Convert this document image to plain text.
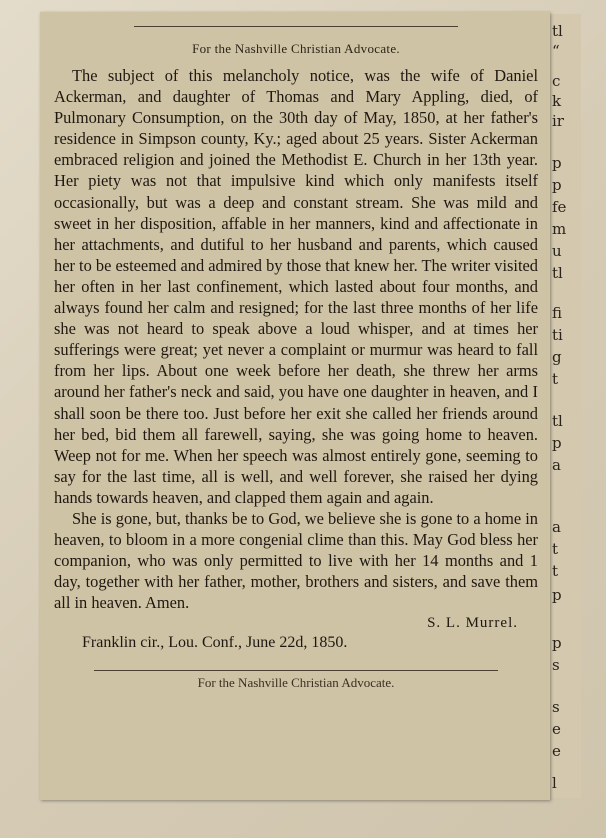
tl
“
c
k
ir
p
p
fe
m
u
tl
fi
ti
g
t
tl
p
a
a
t
t
p
p
s
s
e
e
l
For the Nashville Christian Advocate.

The subject of this melancholy notice, was the wife of Daniel Ackerman, and daughter of Thomas and Mary Appling, died, of Pulmonary Consumption, on the 30th day of May, 1850, at her father's residence in Simpson county, Ky.; aged about 25 years. Sister Ackerman embraced religion and joined the Methodist E. Church in her 13th year. Her piety was not that impulsive kind which only manifests itself occasionally, but was a deep and constant stream. She was mild and sweet in her disposition, affable in her manners, kind and affectionate in her attachments, and dutiful to her husband and parents, which caused her to be esteemed and admired by those that knew her. The writer visited her often in her last confinement, which lasted about four months, and always found her calm and resigned; for the last three months of her life she was not heard to speak above a loud whisper, and at times her sufferings were great; yet never a complaint or murmur was heard to fall from her lips. About one week before her death, she threw her arms around her father's neck and said, you have one daughter in heaven, and I shall soon be there too. Just before her exit she called her friends around her bed, bid them all farewell, saying, she was going home to heaven. Weep not for me. When her speech was almost entirely gone, seeming to say for the last time, all is well, and well forever, she raised her dying hands towards heaven, and clapped them again and again.

She is gone, but, thanks be to God, we believe she is gone to a home in heaven, to bloom in a more congenial clime than this. May God bless her companion, who was only permitted to live with her 14 months and 1 day, together with her father, mother, brothers and sisters, and save them all in heaven. Amen.

S. L. Murrel.
Franklin cir., Lou. Conf., June 22d, 1850.
For the Nashville Christian Advocate.
